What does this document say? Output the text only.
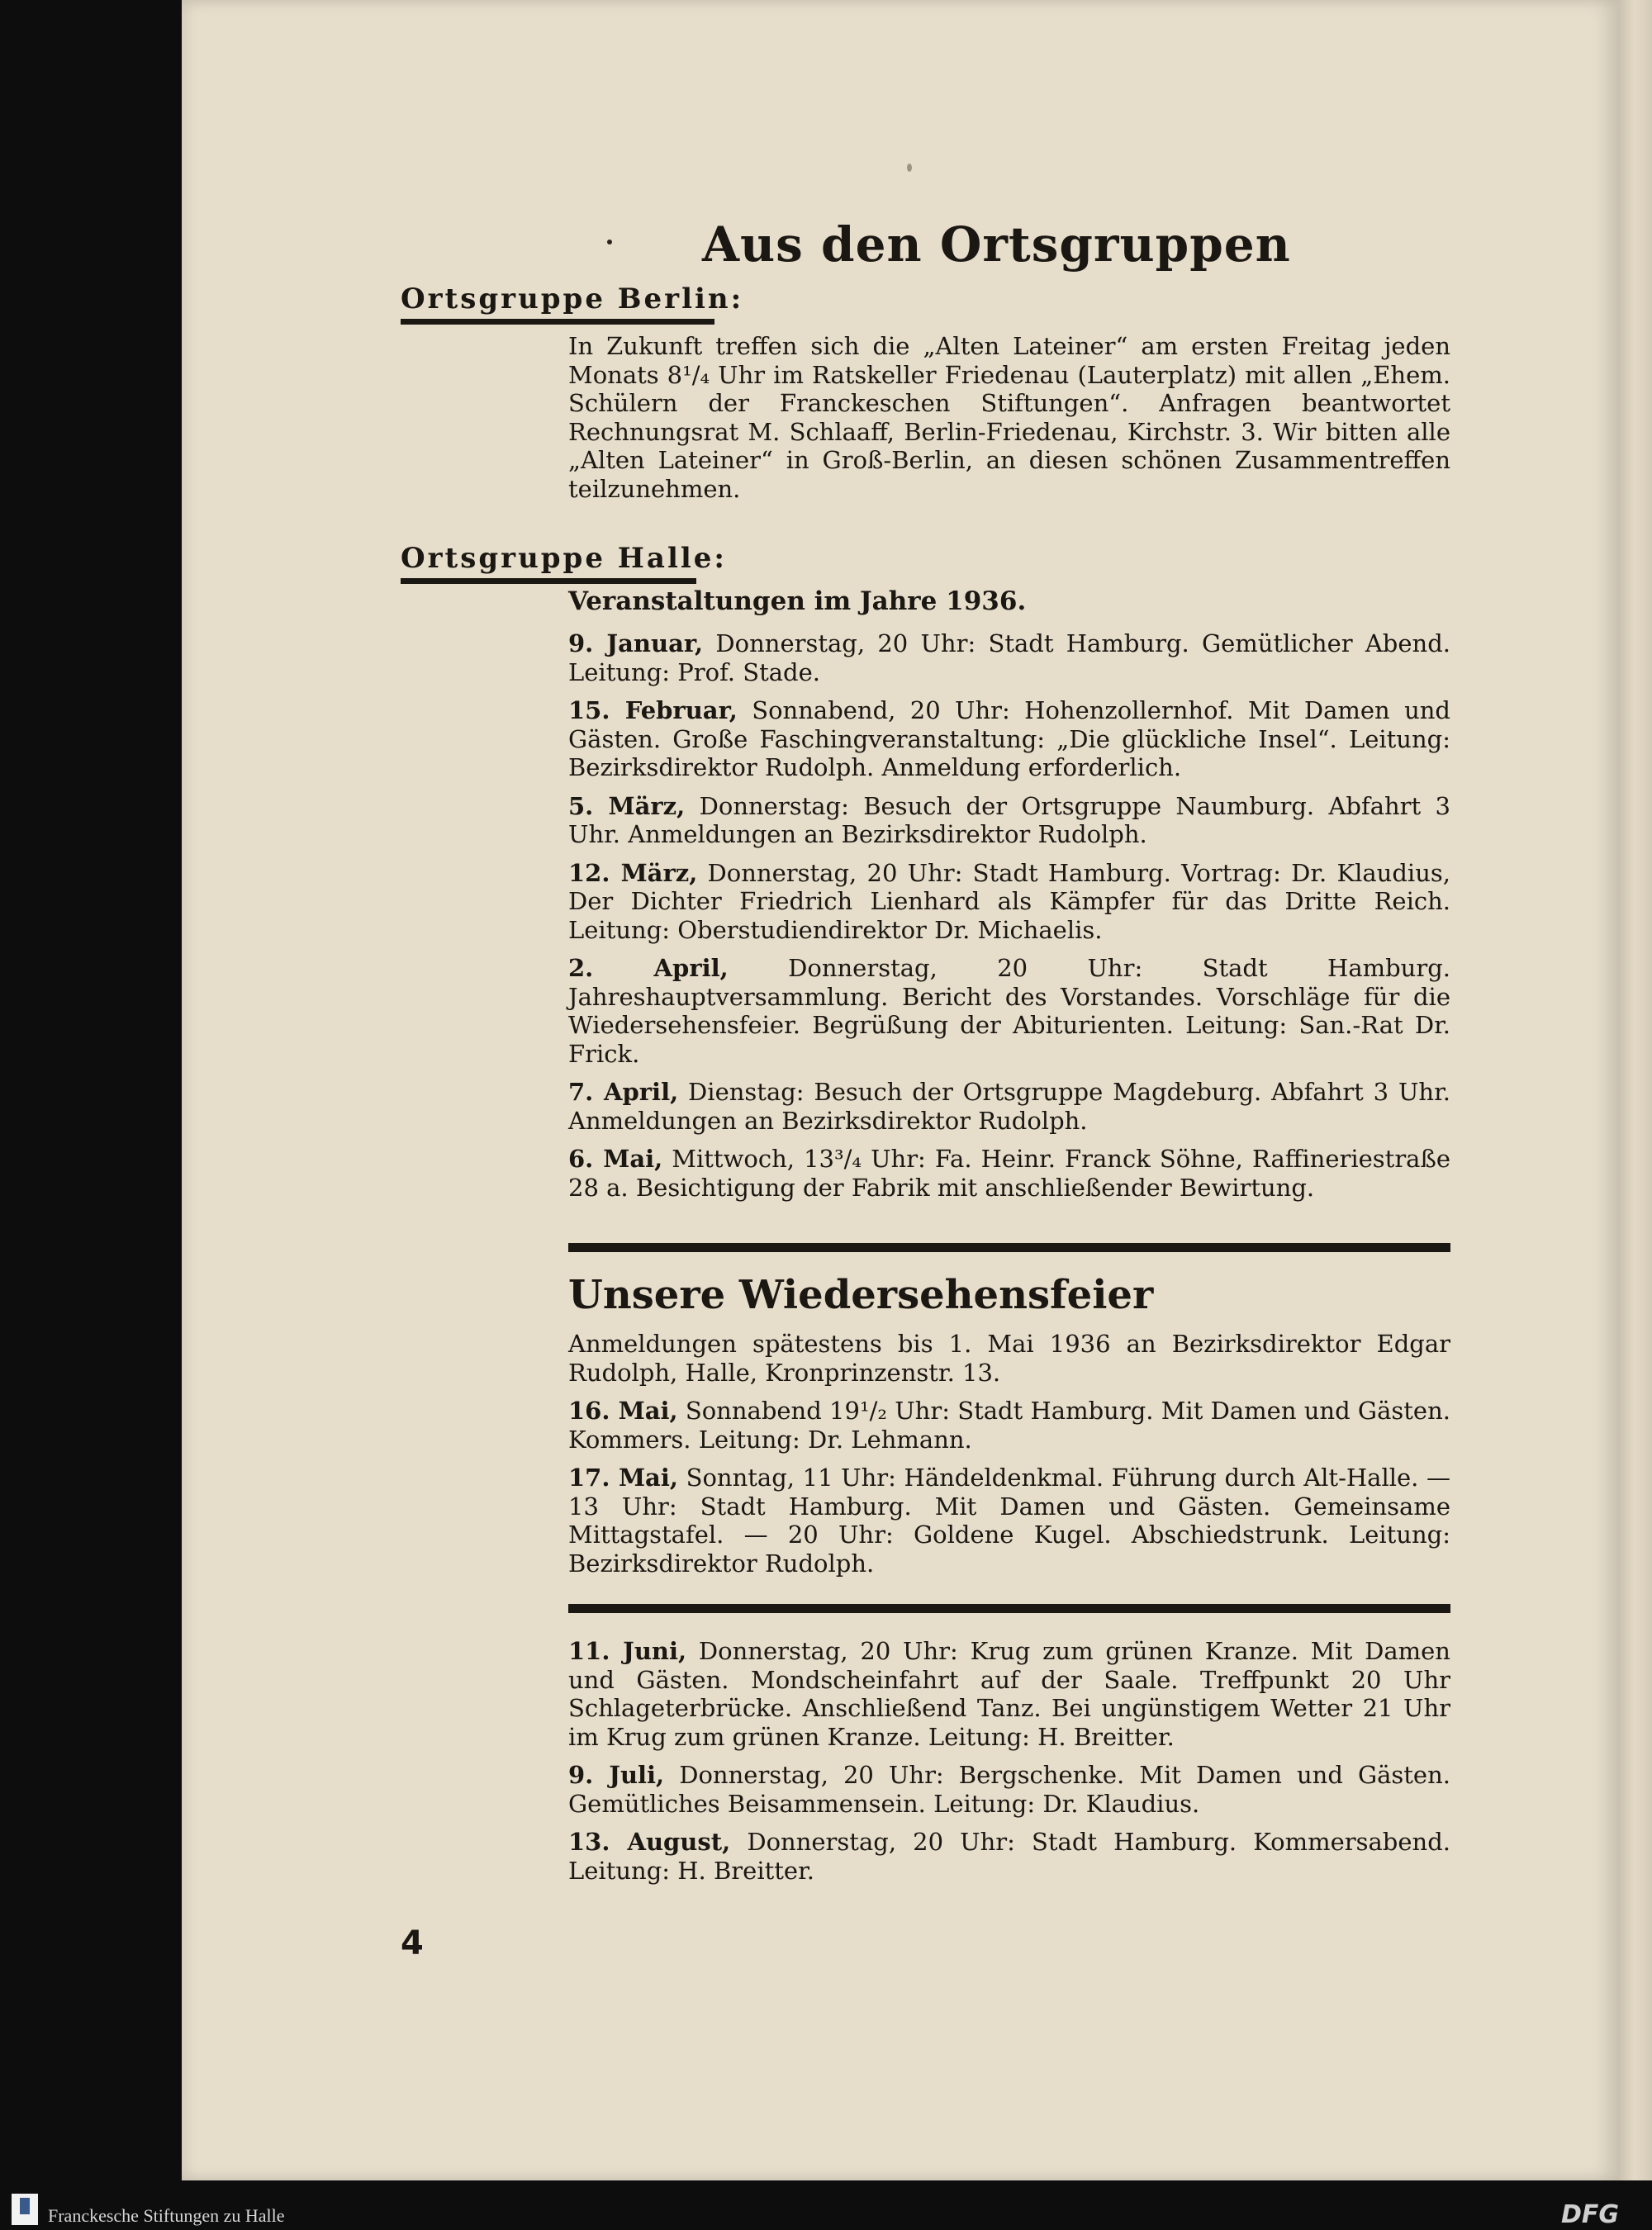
Aus den Ortsgruppen
Ortsgruppe Berlin:

In Zukunft treffen sich die „Alten Lateiner“ am ersten Freitag jeden Monats 8¹/₄ Uhr im Ratskeller Friedenau (Lauterplatz) mit allen „Ehem. Schülern der Franckeschen Stiftungen“. Anfragen beantwortet Rechnungsrat M. Schlaaff, Berlin-Friedenau, Kirchstr. 3. Wir bitten alle „Alten Lateiner“ in Groß-Berlin, an diesen schönen Zusammentreffen teilzunehmen.

Ortsgruppe Halle:
Veranstaltungen im Jahre 1936.

9. Januar, Donnerstag, 20 Uhr: Stadt Hamburg. Gemütlicher Abend. Leitung: Prof. Stade.

15. Februar, Sonnabend, 20 Uhr: Hohenzollernhof. Mit Damen und Gästen. Große Faschingveranstaltung: „Die glückliche Insel“. Leitung: Bezirksdirektor Rudolph. Anmeldung erforderlich.

5. März, Donnerstag: Besuch der Ortsgruppe Naumburg. Abfahrt 3 Uhr. Anmeldungen an Bezirksdirektor Rudolph.

12. März, Donnerstag, 20 Uhr: Stadt Hamburg. Vortrag: Dr. Klaudius, Der Dichter Friedrich Lienhard als Kämpfer für das Dritte Reich. Leitung: Oberstudiendirektor Dr. Michaelis.

2. April, Donnerstag, 20 Uhr: Stadt Hamburg. Jahreshauptversammlung. Bericht des Vorstandes. Vorschläge für die Wiedersehensfeier. Begrüßung der Abiturienten. Leitung: San.-Rat Dr. Frick.

7. April, Dienstag: Besuch der Ortsgruppe Magdeburg. Abfahrt 3 Uhr. Anmeldungen an Bezirksdirektor Rudolph.

6. Mai, Mittwoch, 13³/₄ Uhr: Fa. Heinr. Franck Söhne, Raffineriestraße 28 a. Besichtigung der Fabrik mit anschließender Bewirtung.

Unsere Wiedersehensfeier

Anmeldungen spätestens bis 1. Mai 1936 an Bezirksdirektor Edgar Rudolph, Halle, Kronprinzenstr. 13.

16. Mai, Sonnabend 19¹/₂ Uhr: Stadt Hamburg. Mit Damen und Gästen. Kommers. Leitung: Dr. Lehmann.

17. Mai, Sonntag, 11 Uhr: Händeldenkmal. Führung durch Alt-Halle. — 13 Uhr: Stadt Hamburg. Mit Damen und Gästen. Gemeinsame Mittagstafel. — 20 Uhr: Goldene Kugel. Abschiedstrunk. Leitung: Bezirksdirektor Rudolph.

11. Juni, Donnerstag, 20 Uhr: Krug zum grünen Kranze. Mit Damen und Gästen. Mondscheinfahrt auf der Saale. Treffpunkt 20 Uhr Schlageterbrücke. Anschließend Tanz. Bei ungünstigem Wetter 21 Uhr im Krug zum grünen Kranze. Leitung: H. Breitter.

9. Juli, Donnerstag, 20 Uhr: Bergschenke. Mit Damen und Gästen. Gemütliches Beisammensein. Leitung: Dr. Klaudius.

13. August, Donnerstag, 20 Uhr: Stadt Hamburg. Kommersabend. Leitung: H. Breitter.

4
Franckesche Stiftungen zu Halle	DFG
